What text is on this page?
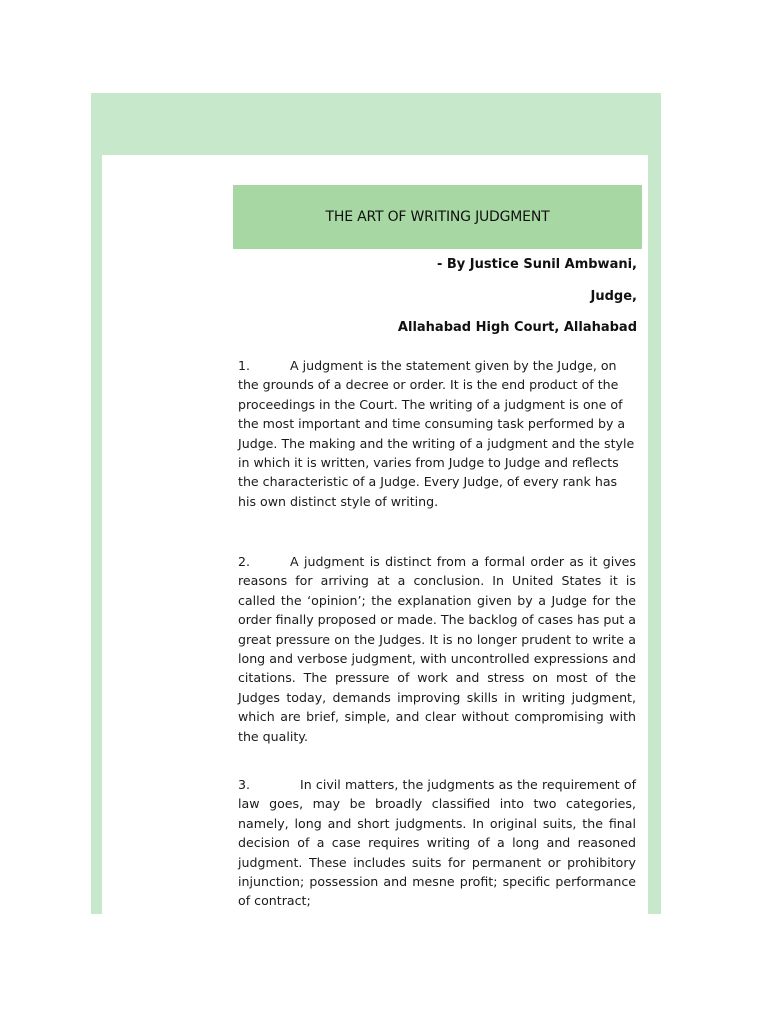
THE ART OF WRITING JUDGMENT
- By Justice Sunil Ambwani,
Judge,
Allahabad High Court, Allahabad

1.	A judgment is the statement given by the Judge, on the grounds of a decree or order. It is the end product of the proceedings in the Court. The writing of a judgment is one of the most important and time consuming task performed by a Judge. The making and the writing of a judgment and the style in which it is written, varies from Judge to Judge and reflects the characteristic of a Judge. Every Judge, of every rank has his own distinct style of writing.

2.	A judgment is distinct from a formal order as it gives reasons for arriving at a conclusion. In United States it is called the ‘opinion’; the explanation given by a Judge for the order finally proposed or made. The backlog of cases has put a great pressure on the Judges. It is no longer prudent to write a long and verbose judgment, with uncontrolled expressions and citations. The pressure of work and stress on most of the Judges today, demands improving skills in writing judgment, which are brief, simple, and clear without compromising with the quality.

3.	In civil matters, the judgments as the requirement of law goes, may be broadly classified into two categories, namely, long and short judgments. In original suits, the final decision of a case requires writing of a long and reasoned judgment. These includes suits for permanent or prohibitory injunction; possession and mesne profit; specific performance of contract;
